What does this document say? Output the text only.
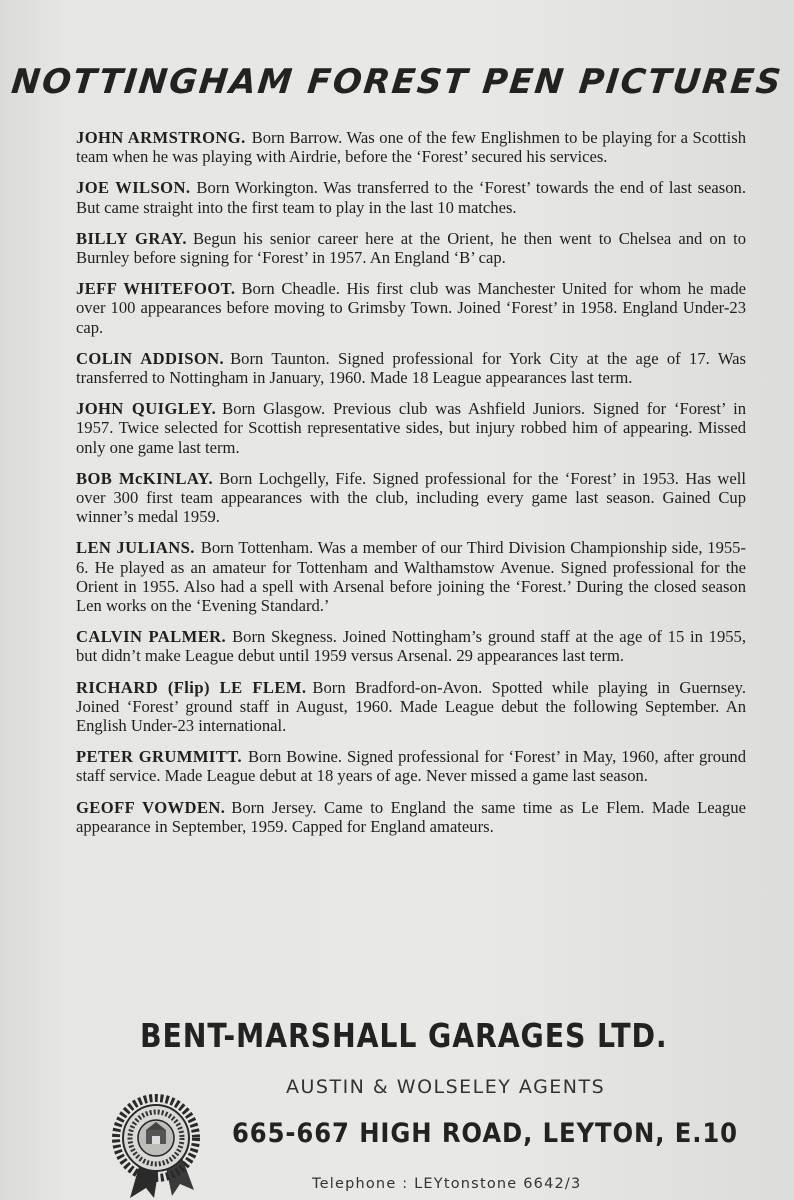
NOTTINGHAM FOREST PEN PICTURES

JOHN ARMSTRONG. Born Barrow. Was one of the few Englishmen to be playing for a Scottish team when he was playing with Airdrie, before the ‘Forest’ secured his services.

JOE WILSON. Born Workington. Was transferred to the ‘Forest’ towards the end of last season. But came straight into the first team to play in the last 10 matches.

BILLY GRAY. Begun his senior career here at the Orient, he then went to Chelsea and on to Burnley before signing for ‘Forest’ in 1957. An England ‘B’ cap.

JEFF WHITEFOOT. Born Cheadle. His first club was Manchester United for whom he made over 100 appearances before moving to Grimsby Town. Joined ‘Forest’ in 1958. England Under-23 cap.

COLIN ADDISON. Born Taunton. Signed professional for York City at the age of 17. Was transferred to Nottingham in January, 1960. Made 18 League appearances last term.

JOHN QUIGLEY. Born Glasgow. Previous club was Ashfield Juniors. Signed for ‘Forest’ in 1957. Twice selected for Scottish representative sides, but injury robbed him of appearing. Missed only one game last term.

BOB McKINLAY. Born Lochgelly, Fife. Signed professional for the ‘Forest’ in 1953. Has well over 300 first team appearances with the club, including every game last season. Gained Cup winner’s medal 1959.

LEN JULIANS. Born Tottenham. Was a member of our Third Division Championship side, 1955-6. He played as an amateur for Tottenham and Walthamstow Avenue. Signed professional for the Orient in 1955. Also had a spell with Arsenal before joining the ‘Forest.’ During the closed season Len works on the ‘Evening Standard.’

CALVIN PALMER. Born Skegness. Joined Nottingham’s ground staff at the age of 15 in 1955, but didn’t make League debut until 1959 versus Arsenal. 29 appearances last term.

RICHARD (Flip) LE FLEM. Born Bradford-on-Avon. Spotted while playing in Guernsey. Joined ‘Forest’ ground staff in August, 1960. Made League debut the following September. An English Under-23 international.

PETER GRUMMITT. Born Bowine. Signed professional for ‘Forest’ in May, 1960, after ground staff service. Made League debut at 18 years of age. Never missed a game last season.

GEOFF VOWDEN. Born Jersey. Came to England the same time as Le Flem. Made League appearance in September, 1959. Capped for England amateurs.

BENT-MARSHALL GARAGES LTD.
AUSTIN & WOLSELEY AGENTS
665-667 HIGH ROAD, LEYTON, E.10
Telephone : LEYtonstone 6642/3
